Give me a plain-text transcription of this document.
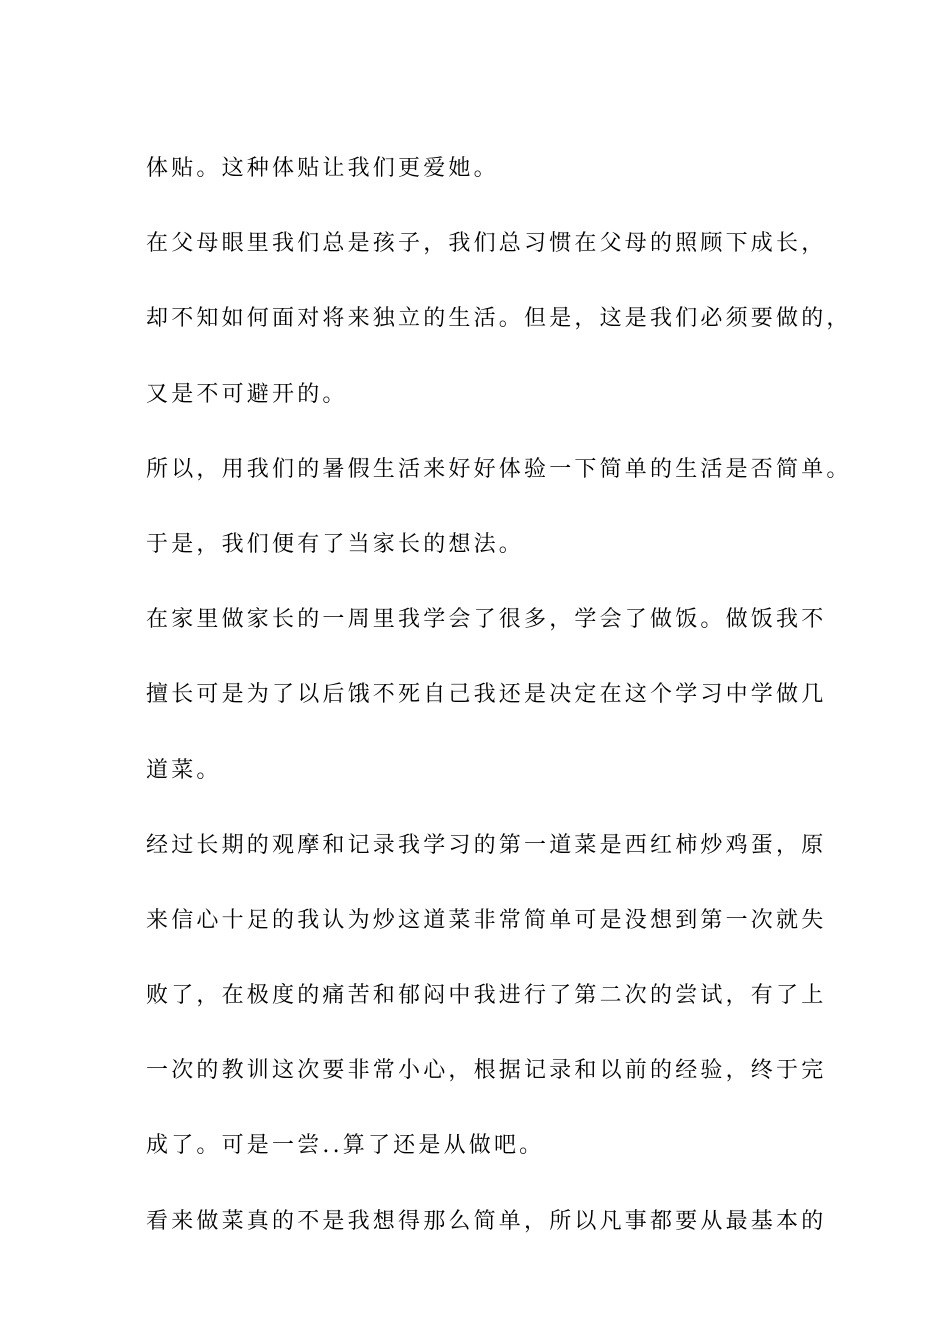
体贴。这种体贴让我们更爱她。
在父母眼里我们总是孩子，我们总习惯在父母的照顾下成长，
却不知如何面对将来独立的生活。但是，这是我们必须要做的，
又是不可避开的。
所以，用我们的暑假生活来好好体验一下简单的生活是否简单。
于是，我们便有了当家长的想法。
在家里做家长的一周里我学会了很多，学会了做饭。做饭我不
擅长可是为了以后饿不死自己我还是决定在这个学习中学做几
道菜。
经过长期的观摩和记录我学习的第一道菜是西红柿炒鸡蛋，原
来信心十足的我认为炒这道菜非常简单可是没想到第一次就失
败了，在极度的痛苦和郁闷中我进行了第二次的尝试，有了上
一次的教训这次要非常小心，根据记录和以前的经验，终于完
成了。可是一尝..算了还是从做吧。
看来做菜真的不是我想得那么简单，所以凡事都要从最基本的
